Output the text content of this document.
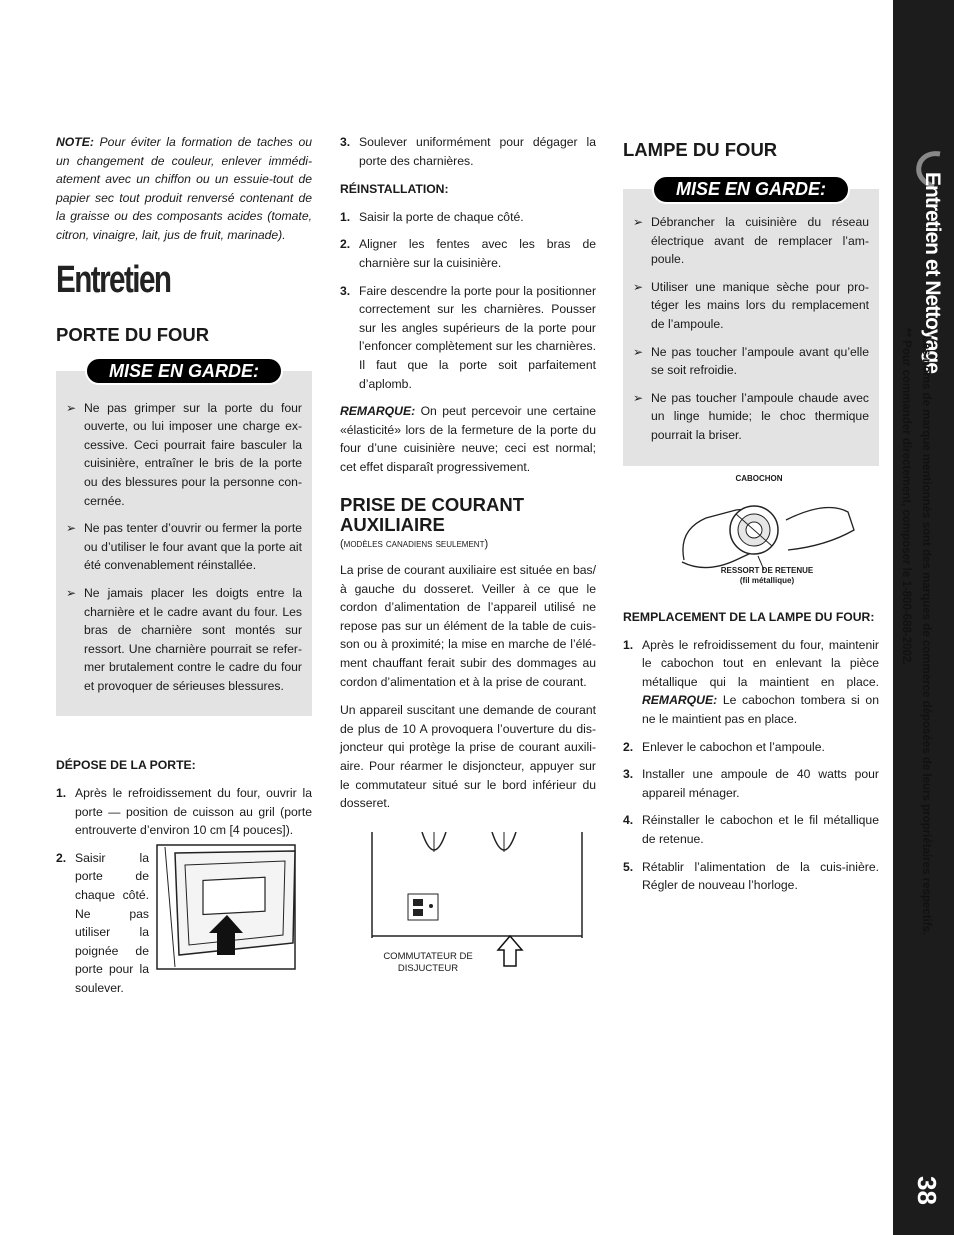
Entretien et Nettoyage
* Les noms de marque mentionnés sont des marques de commerce déposées de leurs propriétaires respectifs.
** Pour commander directement, composer le 1-800-688-2002.
38

NOTE: Pour éviter la formation de taches ou un changement de couleur, enlever immédiatement avec un chiffon ou un essuie-tout de papier sec tout produit renversé contenant de la graisse ou des composants acides (tomate, citron, vinaigre, lait, jus de fruit, marinade).

Entretien
PORTE DU FOUR
MISE EN GARDE:
➢ Ne pas grimper sur la porte du four ouverte, ou lui imposer une charge excessive. Ceci pourrait faire basculer la cuisinière, entraîner le bris de la porte ou des blessures pour la personne concernée.
➢ Ne pas tenter d’ouvrir ou fermer la porte ou d’utiliser le four avant que la porte ait été convenablement réinstallée.
➢ Ne jamais placer les doigts entre la charnière et le cadre avant du four. Les bras de charnière sont montés sur ressort. Une charnière pourrait se refermer brutalement contre le cadre du four et provoquer de sérieuses blessures.
DÉPOSE DE LA PORTE:
1. Après le refroidissement du four, ouvrir la porte — position de cuisson au gril (porte entrouverte d’environ 10 cm [4 pouces]).
2. Saisir la porte de chaque côté. Ne pas utiliser la poignée de porte pour la soulever.
3. Soulever uniformément pour dégager la porte des charnières.
RÉINSTALLATION:
1. Saisir la porte de chaque côté.
2. Aligner les fentes avec les bras de charnière sur la cuisinière.
3. Faire descendre la porte pour la positionner correctement sur les charnières. Pousser sur les angles supérieurs de la porte pour l’enfoncer complètement sur les charnières. Il faut que la porte soit parfaitement d’aplomb.

REMARQUE: On peut percevoir une certaine «élasticité» lors de la fermeture de la porte du four d’une cuisinière neuve; ceci est normal; cet effet disparaît progressivement.

PRISE DE COURANT AUXILIAIRE
(modèles canadiens seulement)

La prise de courant auxiliaire est située en bas/à gauche du dosseret. Veiller à ce que le cordon d’alimentation de l’appareil utilisé ne repose pas sur un élément de la table de cuisson ou à proximité; la mise en marche de l’élément chauffant ferait subir des dommages au cordon d’alimentation et à la prise de courant.

Un appareil suscitant une demande de courant de plus de 10 A provoquera l’ouverture du disjoncteur qui protège la prise de courant auxiliaire. Pour réarmer le disjoncteur, appuyer sur le commutateur situé sur le bord inférieur du dosseret.

COMMUTATEUR DE
DISJUCTEUR
LAMPE DU FOUR
MISE EN GARDE:
➢ Débrancher la cuisinière du réseau électrique avant de remplacer l’ampoule.
➢ Utiliser une manique sèche pour protéger les mains lors du remplacement de l’ampoule.
➢ Ne pas toucher l’ampoule avant qu’elle se soit refroidie.
➢ Ne pas toucher l’ampoule chaude avec un linge humide; le choc thermique pourrait la briser.
CABOCHON
RESSORT DE RETENUE
(fil métallique)
REMPLACEMENT DE LA LAMPE DU FOUR:
1. Après le refroidissement du four, maintenir le cabochon tout en enlevant la pièce métallique qui la maintient en place. REMARQUE: Le cabochon tombera si on ne le maintient pas en place.
2. Enlever le cabochon et l’ampoule.
3. Installer une ampoule de 40 watts pour appareil ménager.
4. Réinstaller le cabochon et le fil métallique de retenue.
5. Rétablir l’alimentation de la cuis-inière. Régler de nouveau l’horloge.
